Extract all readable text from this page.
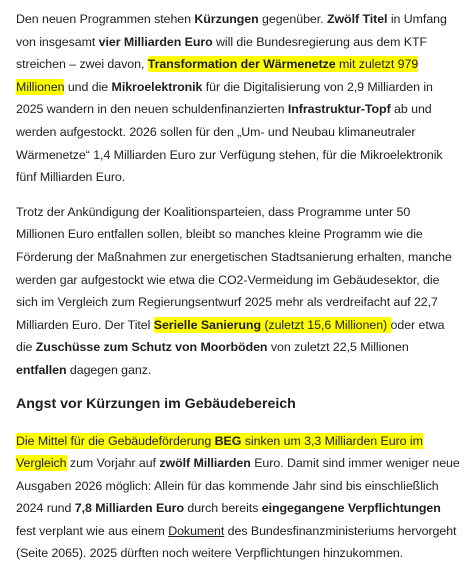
Den neuen Programmen stehen Kürzungen gegenüber. Zwölf Titel in Umfang von insgesamt vier Milliarden Euro will die Bundesregierung aus dem KTF streichen – zwei davon, Transformation der Wärmenetze mit zuletzt 979 Millionen und die Mikroelektronik für die Digitalisierung von 2,9 Milliarden in 2025 wandern in den neuen schuldenfinanzierten Infrastruktur-Topf ab und werden aufgestockt. 2026 sollen für den „Um- und Neubau klimaneutraler Wärmenetze“ 1,4 Milliarden Euro zur Verfügung stehen, für die Mikroelektronik fünf Milliarden Euro.

Trotz der Ankündigung der Koalitionsparteien, dass Programme unter 50 Millionen Euro entfallen sollen, bleibt so manches kleine Programm wie die Förderung der Maßnahmen zur energetischen Stadtsanierung erhalten, manche werden gar aufgestockt wie etwa die CO2-Vermeidung im Gebäudesektor, die sich im Vergleich zum Regierungsentwurf 2025 mehr als verdreifacht auf 22,7 Milliarden Euro. Der Titel Serielle Sanierung (zuletzt 15,6 Millionen) oder etwa die Zuschüsse zum Schutz von Moorböden von zuletzt 22,5 Millionen entfallen dagegen ganz.

Angst vor Kürzungen im Gebäudebereich

Die Mittel für die Gebäudeförderung BEG sinken um 3,3 Milliarden Euro im Vergleich zum Vorjahr auf zwölf Milliarden Euro. Damit sind immer weniger neue Ausgaben 2026 möglich: Allein für das kommende Jahr sind bis einschließlich 2024 rund 7,8 Milliarden Euro durch bereits eingegangene Verpflichtungen fest verplant wie aus einem Dokument des Bundesfinanzministeriums hervorgeht (Seite 2065). 2025 dürften noch weitere Verpflichtungen hinzukommen.
